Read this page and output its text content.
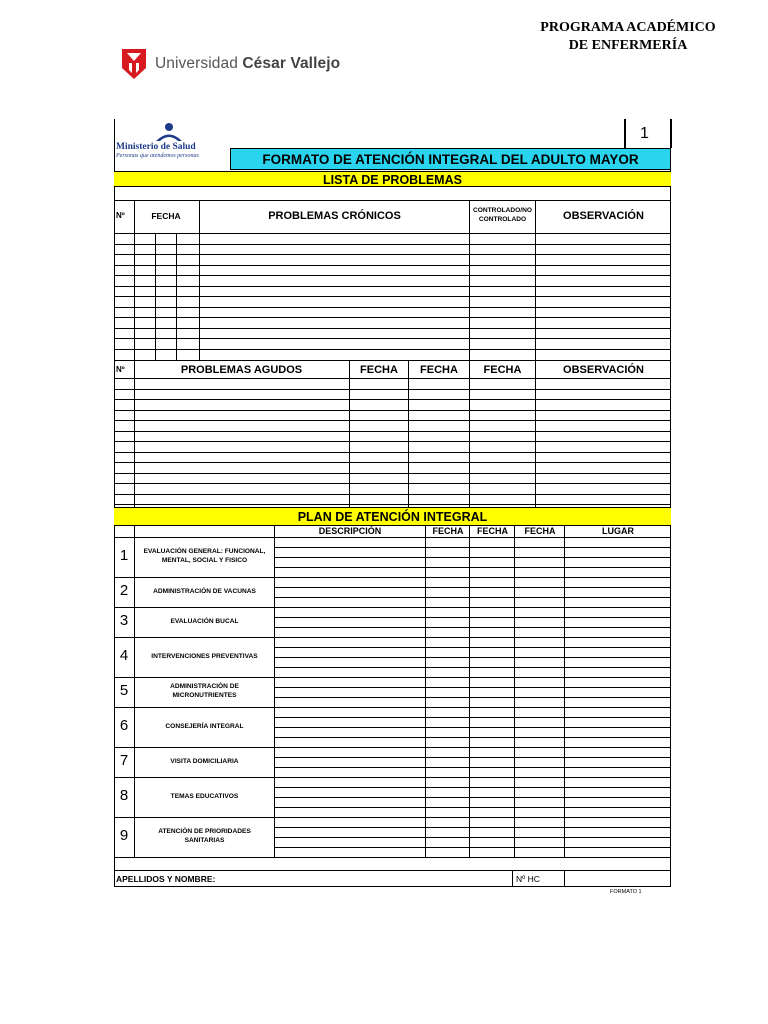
PROGRAMA ACADÉMICO
DE ENFERMERÍA
Universidad César Vallejo
Ministerio de Salud
Personas que atendemos personas
1
FORMATO DE ATENCIÓN INTEGRAL DEL ADULTO MAYOR
LISTA DE PROBLEMAS
Nº	FECHA	PROBLEMAS CRÓNICOS	CONTROLADO/NO
CONTROLADO	OBSERVACIÓN
Nº	PROBLEMAS AGUDOS	FECHA	FECHA	FECHA	OBSERVACIÓN
PLAN DE ATENCIÓN INTEGRAL
DESCRIPCIÓN	FECHA	FECHA	FECHA	LUGAR
APELLIDOS Y NOMBRE:	Nº HC
FORMATO 1
1	EVALUACIÓN GENERAL: FUNCIONAL,
MENTAL, SOCIAL Y FISICO
2	ADMINISTRACIÓN DE VACUNAS
3	EVALUACIÓN BUCAL
4	INTERVENCIONES PREVENTIVAS
5	ADMINISTRACIÓN DE
MICRONUTRIENTES
6	CONSEJERÍA INTEGRAL
7	VISITA DOMICILIARIA
8	TEMAS EDUCATIVOS
9	ATENCIÓN DE PRIORIDADES
SANITARIAS
